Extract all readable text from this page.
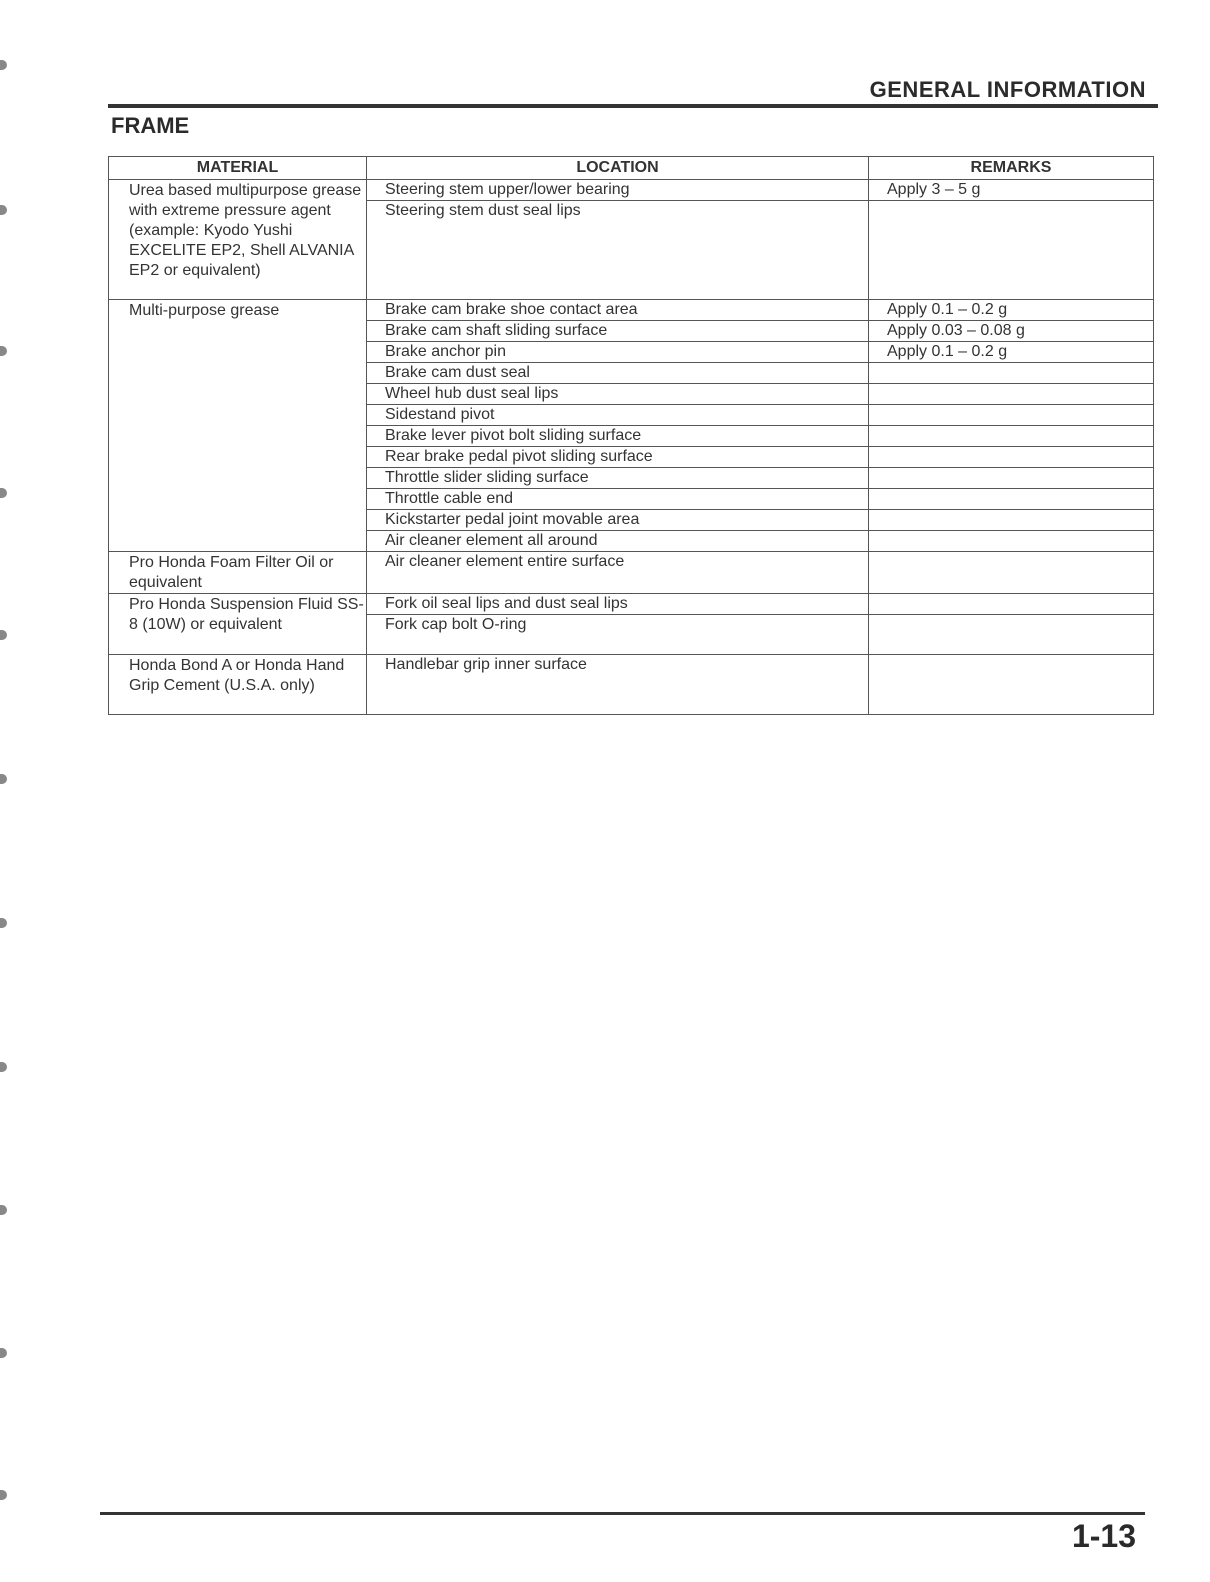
GENERAL INFORMATION
FRAME
MATERIAL	LOCATION	REMARKS
Urea based multipurpose grease with extreme pressure agent (example: Kyodo Yushi EXCELITE EP2, Shell ALVANIA EP2 or equivalent)	Steering stem upper/lower bearing	Apply 3 – 5 g
	Steering stem dust seal lips	
Multi-purpose grease	Brake cam brake shoe contact area	Apply 0.1 – 0.2 g
	Brake cam shaft sliding surface	Apply 0.03 – 0.08 g
	Brake anchor pin	Apply 0.1 – 0.2 g
	Brake cam dust seal	
	Wheel hub dust seal lips	
	Sidestand pivot	
	Brake lever pivot bolt sliding surface	
	Rear brake pedal pivot sliding surface	
	Throttle slider sliding surface	
	Throttle cable end	
	Kickstarter pedal joint movable area	
	Air cleaner element all around	
Pro Honda Foam Filter Oil or equivalent	Air cleaner element entire surface	
Pro Honda Suspension Fluid SS-8 (10W) or equivalent	Fork oil seal lips and dust seal lips	
	Fork cap bolt O-ring	
Honda Bond A or Honda Hand Grip Cement (U.S.A. only)	Handlebar grip inner surface	
1-13
